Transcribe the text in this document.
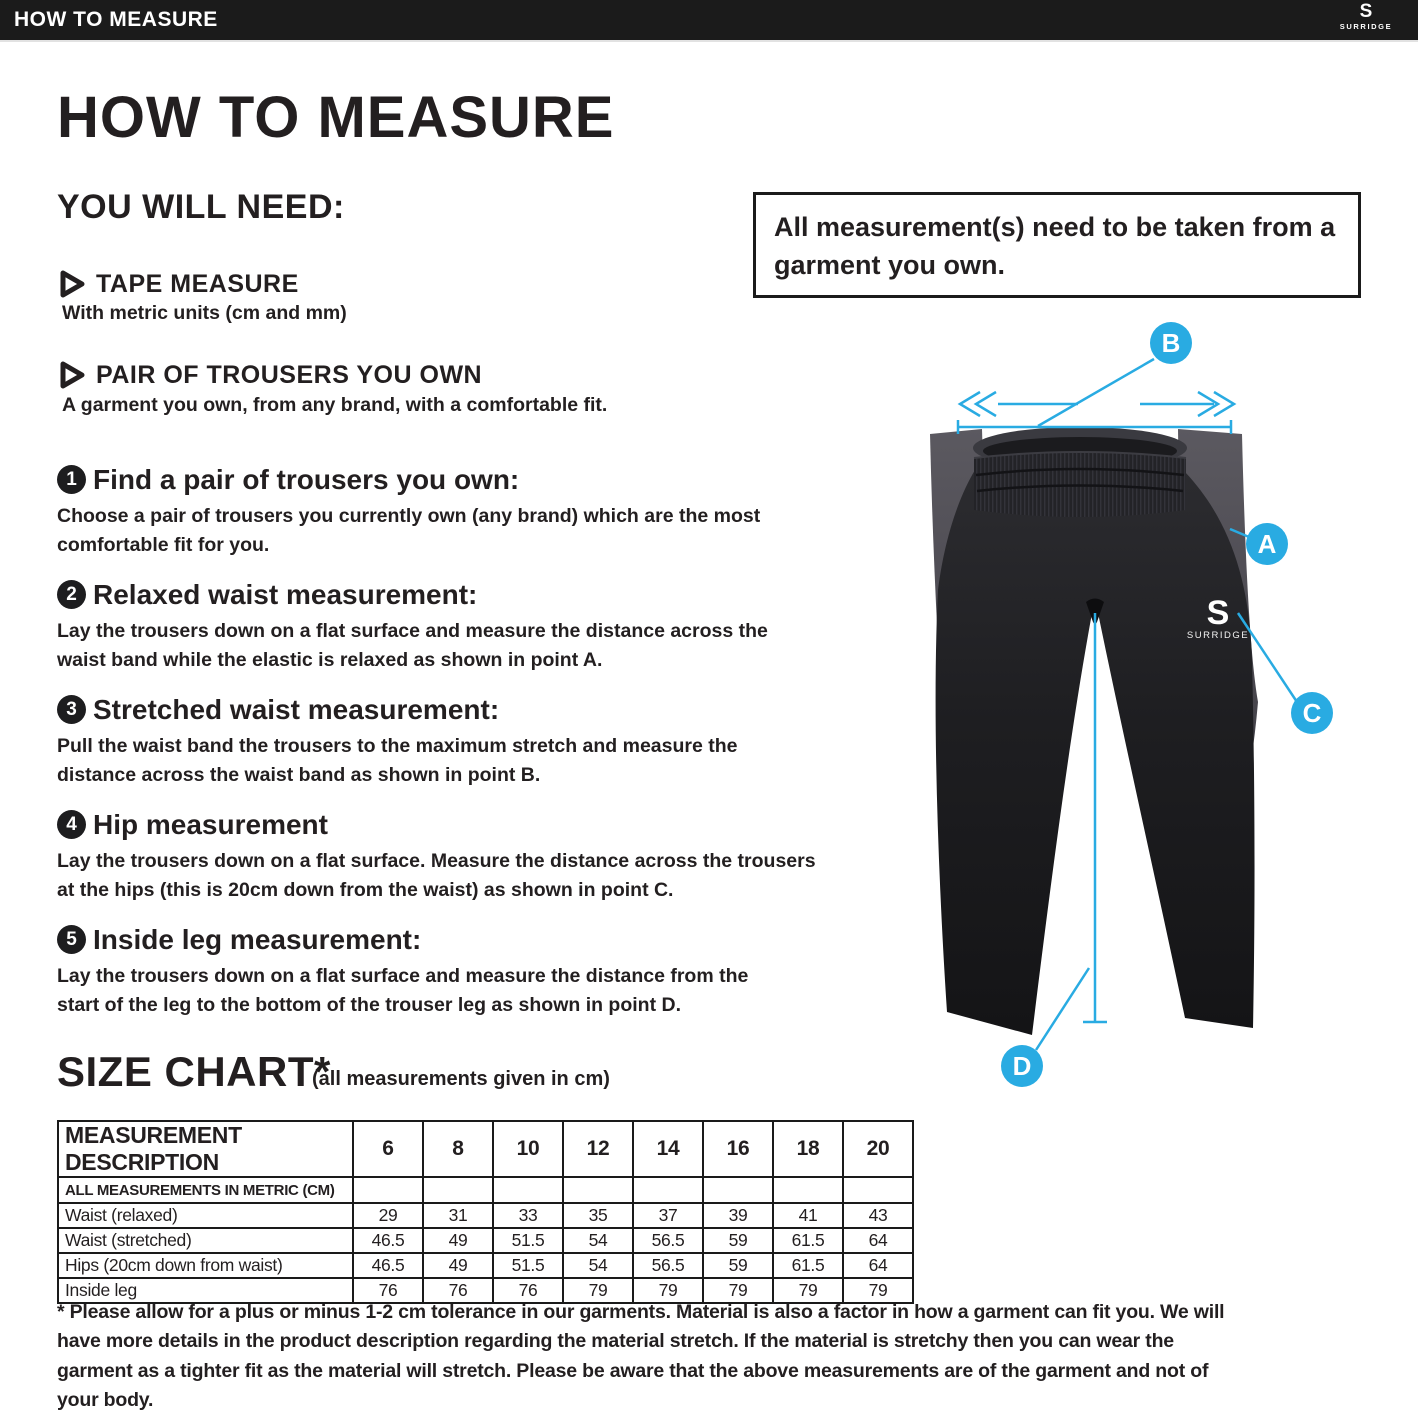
HOW TO MEASURE	S
SURRIDGE
HOW TO MEASURE
YOU WILL NEED:
TAPE MEASURE
With metric units (cm and mm)
PAIR OF TROUSERS YOU OWN
A garment you own, from any brand, with a comfortable fit.
All measurement(s) need to be taken from a garment you own.
1 Find a pair of trousers you own:
Choose a pair of trousers you currently own (any brand) which are the most comfortable fit for you.
2 Relaxed waist measurement:
Lay the trousers down on a flat surface and measure the distance across the waist band while the elastic is relaxed as shown in point A.
3 Stretched waist measurement:
Pull the waist band the trousers to the maximum stretch and measure the distance across the waist band as shown in point B.
4 Hip measurement
Lay the trousers down on a flat surface. Measure the distance across the trousers at the hips (this is 20cm down from the waist) as shown in point C.
5 Inside leg measurement:
Lay the trousers down on a flat surface and measure the distance from the start of the leg to the bottom of the trouser leg as shown in point D.
S
SURRIDGE
B
A
C
D
SIZE CHART*
(all measurements given in cm)
MEASUREMENT DESCRIPTION	6	8	10	12	14	16	18	20
ALL MEASUREMENTS IN METRIC (CM)								
Waist (relaxed)	29	31	33	35	37	39	41	43
Waist (stretched)	46.5	49	51.5	54	56.5	59	61.5	64
Hips (20cm down from waist)	46.5	49	51.5	54	56.5	59	61.5	64
Inside leg	76	76	76	79	79	79	79	79
* Please allow for a plus or minus 1-2 cm tolerance in our garments. Material is also a factor in how a garment can fit you. We will have more details in the product description regarding the material stretch. If the material is stretchy then you can wear the garment as a tighter fit as the material will stretch. Please be aware that the above measurements are of the garment and not of your body.
